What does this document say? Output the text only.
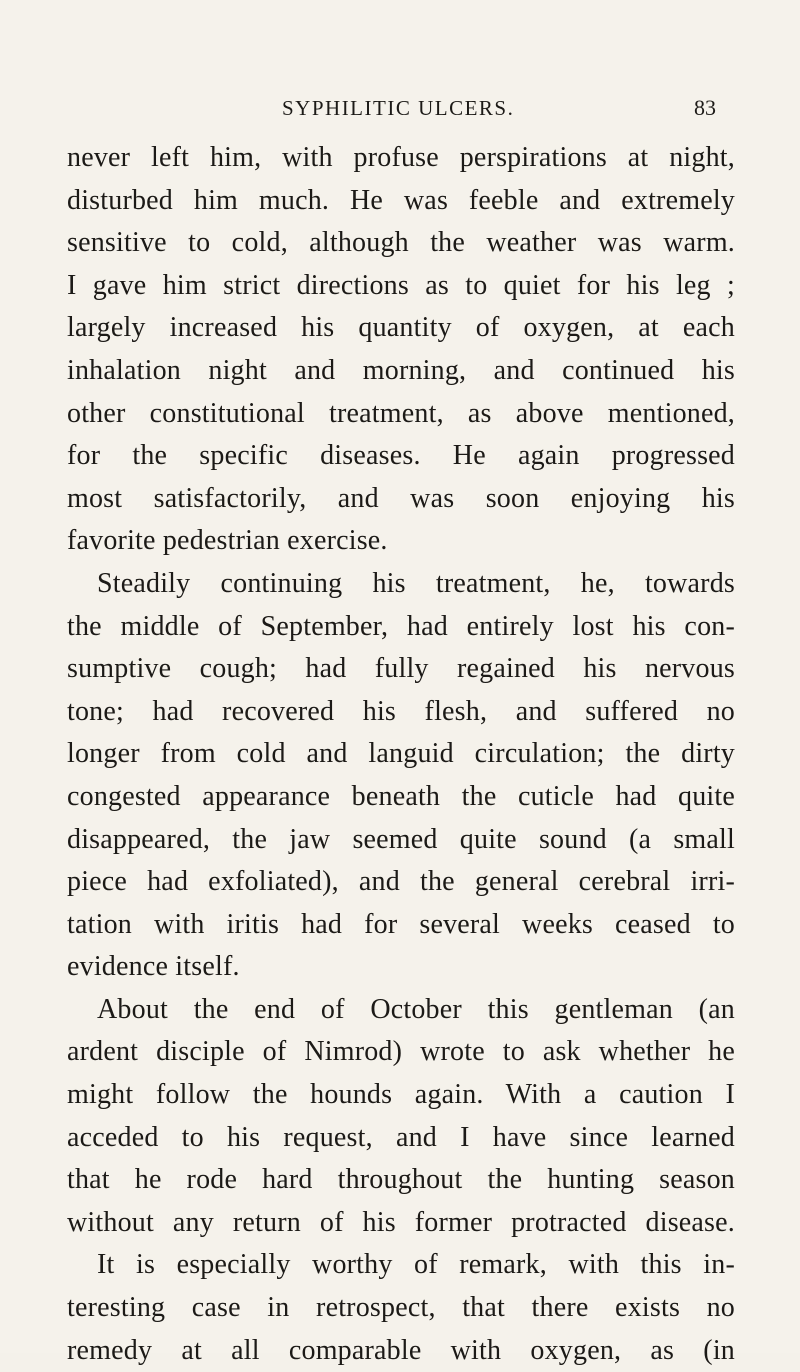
SYPHILITIC ULCERS.	83
never left him, with profuse perspirations at night,
disturbed him much. He was feeble and extremely
sensitive to cold, although the weather was warm.
I gave him strict directions as to quiet for his leg ;
largely increased his quantity of oxygen, at each
inhalation night and morning, and continued his
other constitutional treatment, as above mentioned,
for the specific diseases. He again progressed
most satisfactorily, and was soon enjoying his
favorite pedestrian exercise.
Steadily continuing his treatment, he, towards
the middle of September, had entirely lost his con-
sumptive cough; had fully regained his nervous
tone; had recovered his flesh, and suffered no
longer from cold and languid circulation; the dirty
congested appearance beneath the cuticle had quite
disappeared, the jaw seemed quite sound (a small
piece had exfoliated), and the general cerebral irri-
tation with iritis had for several weeks ceased to
evidence itself.
About the end of October this gentleman (an
ardent disciple of Nimrod) wrote to ask whether he
might follow the hounds again. With a caution I
acceded to his request, and I have since learned
that he rode hard throughout the hunting season
without any return of his former protracted disease.
It is especially worthy of remark, with this in-
teresting case in retrospect, that there exists no
remedy at all comparable with oxygen, as (in
